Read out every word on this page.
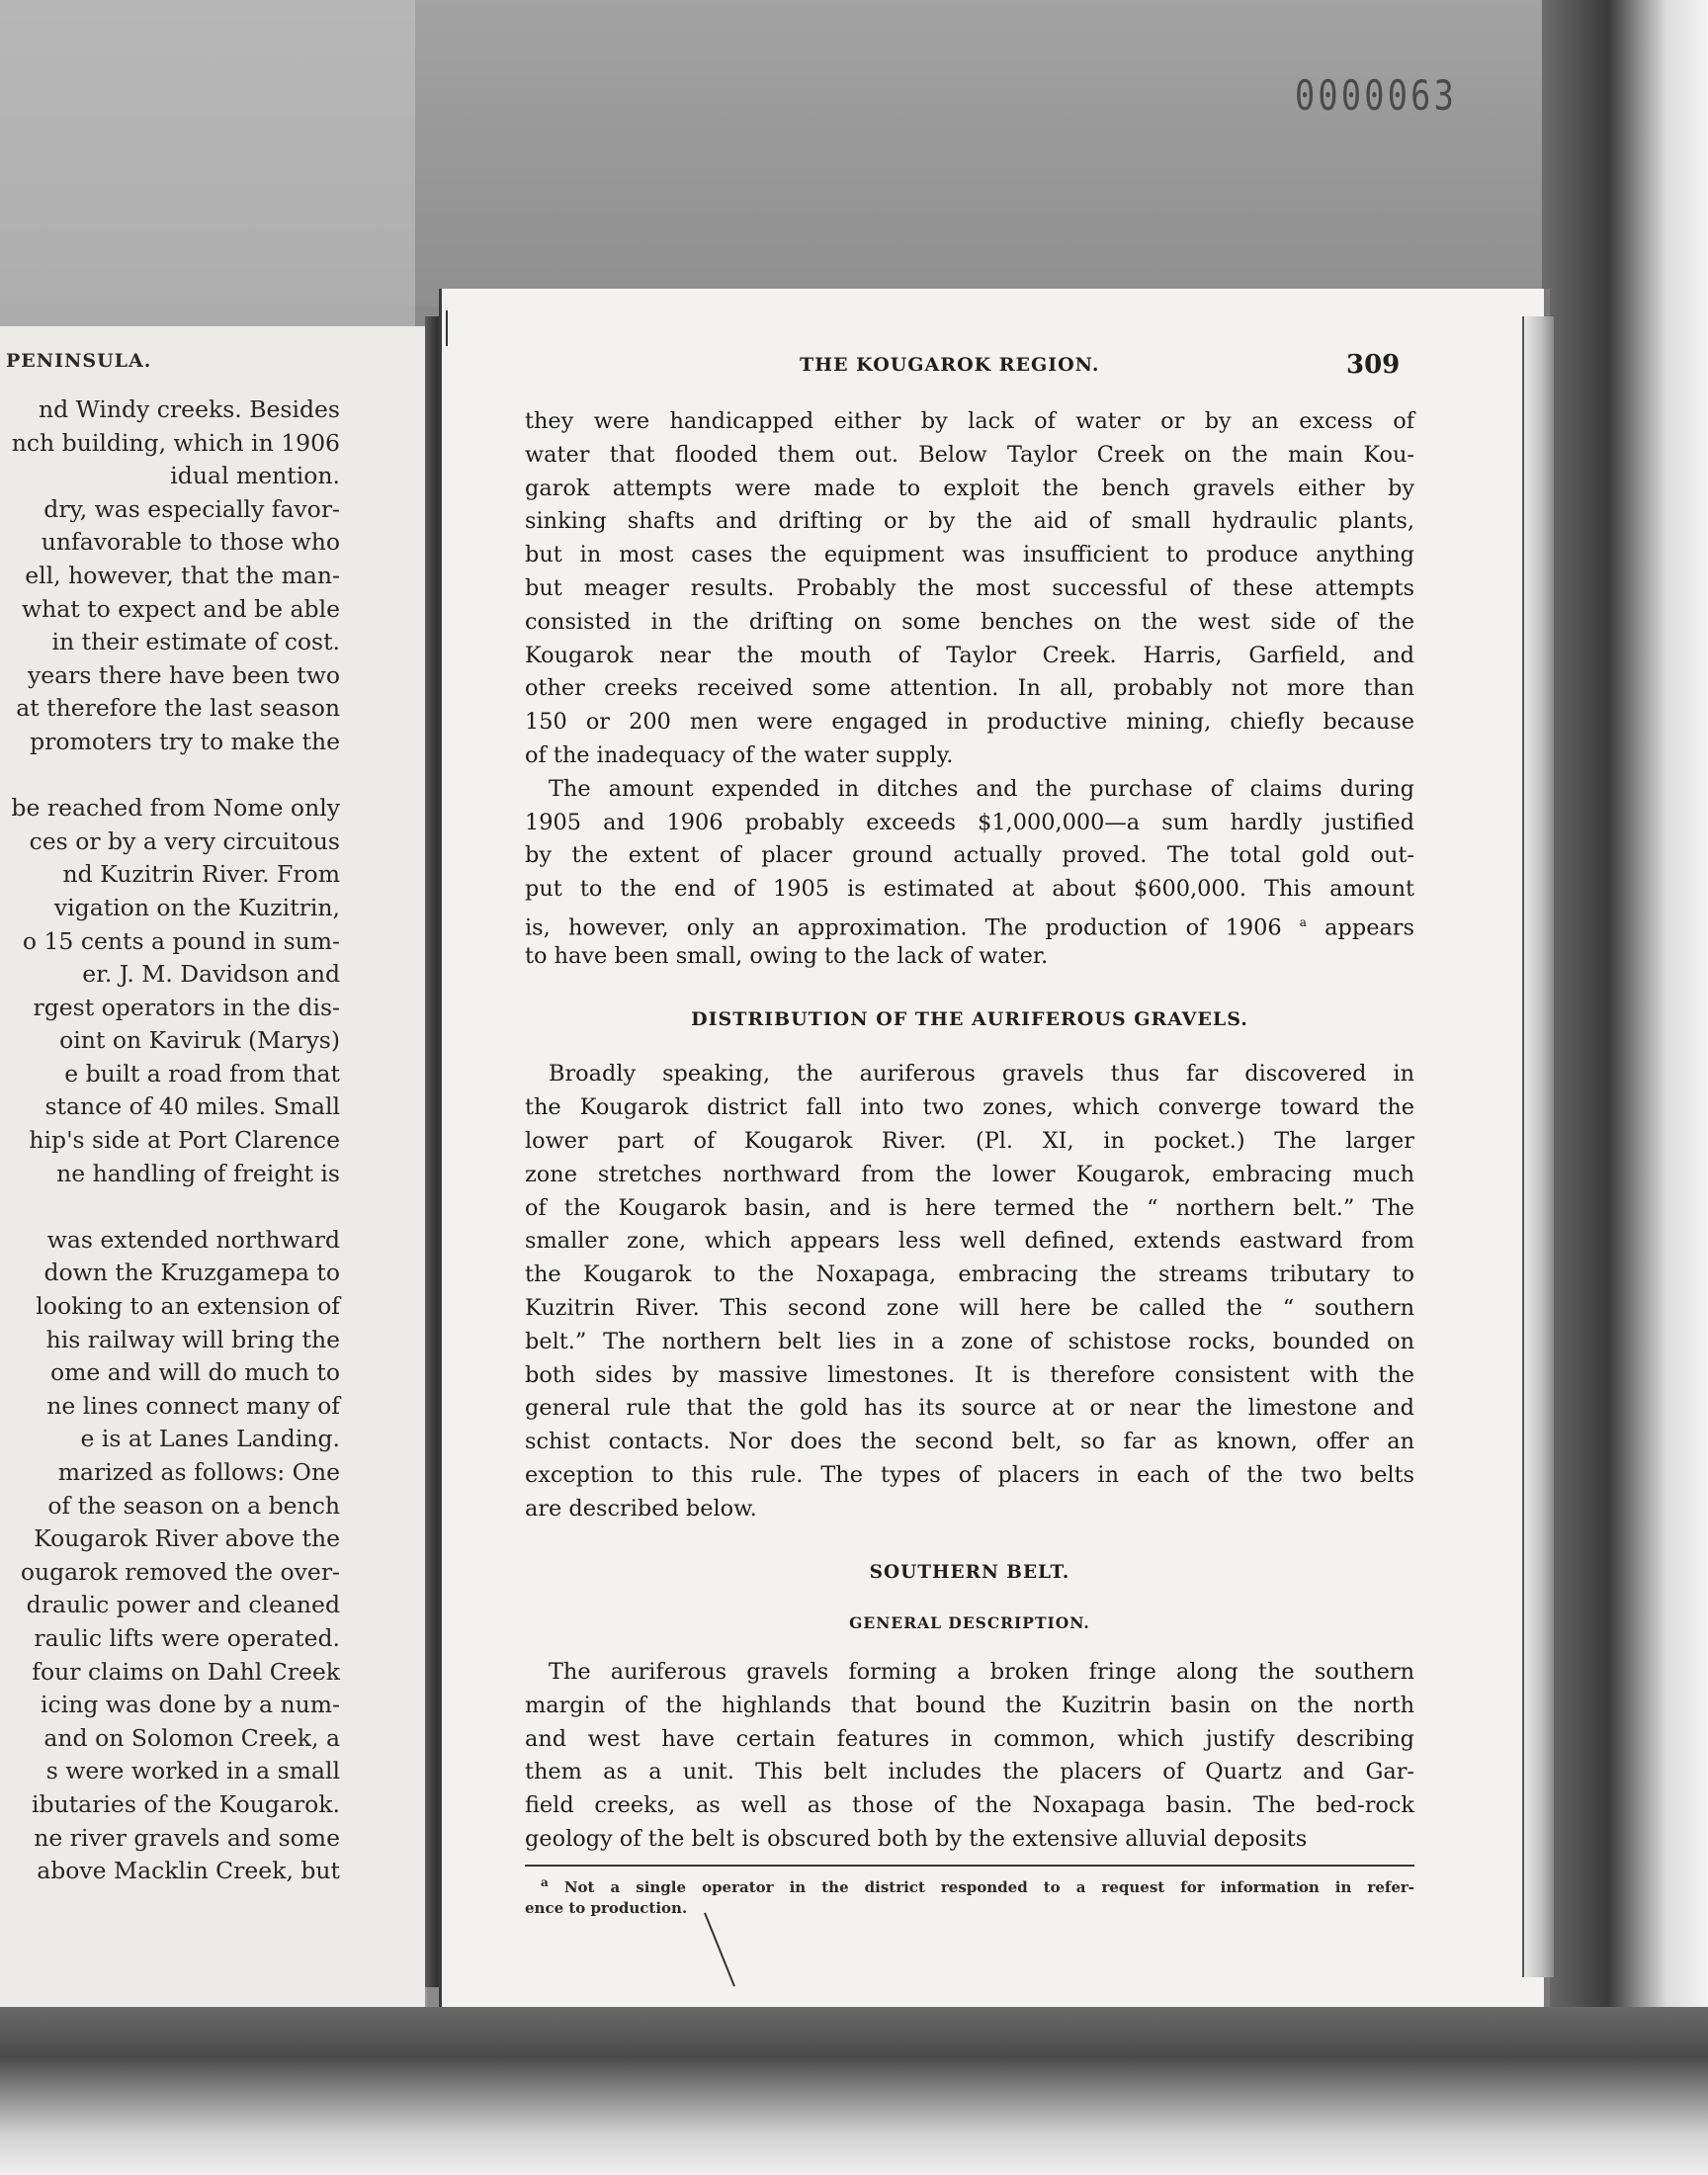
0000063
PENINSULA.
nd Windy creeks. Besides
nch building, which in 1906
idual mention.
dry, was especially favor-
unfavorable to those who
ell, however, that the man-
what to expect and be able
in their estimate of cost.
years there have been two
at therefore the last season
promoters try to make the
be reached from Nome only
ces or by a very circuitous
nd Kuzitrin River. From
vigation on the Kuzitrin,
o 15 cents a pound in sum-
er. J. M. Davidson and
rgest operators in the dis-
oint on Kaviruk (Marys)
e built a road from that
stance of 40 miles. Small
hip's side at Port Clarence
ne handling of freight is
was extended northward
down the Kruzgamepa to
looking to an extension of
his railway will bring the
ome and will do much to
ne lines connect many of
e is at Lanes Landing.
marized as follows: One
of the season on a bench
Kougarok River above the
ougarok removed the over-
draulic power and cleaned
raulic lifts were operated.
four claims on Dahl Creek
icing was done by a num-
and on Solomon Creek, a
s were worked in a small
ibutaries of the Kougarok.
ne river gravels and some
above Macklin Creek, but
THE KOUGAROK REGION.	309
they were handicapped either by lack of water or by an excess of
water that flooded them out. Below Taylor Creek on the main Kou-
garok attempts were made to exploit the bench gravels either by
sinking shafts and drifting or by the aid of small hydraulic plants,
but in most cases the equipment was insufficient to produce anything
but meager results. Probably the most successful of these attempts
consisted in the drifting on some benches on the west side of the
Kougarok near the mouth of Taylor Creek. Harris, Garfield, and
other creeks received some attention. In all, probably not more than
150 or 200 men were engaged in productive mining, chiefly because
of the inadequacy of the water supply.
The amount expended in ditches and the purchase of claims during
1905 and 1906 probably exceeds $1,000,000—a sum hardly justified
by the extent of placer ground actually proved. The total gold out-
put to the end of 1905 is estimated at about $600,000. This amount
is, however, only an approximation. The production of 1906 $^a$ appears
to have been small, owing to the lack of water.
DISTRIBUTION OF THE AURIFEROUS GRAVELS.
Broadly speaking, the auriferous gravels thus far discovered in
the Kougarok district fall into two zones, which converge toward the
lower part of Kougarok River. (Pl. XI, in pocket.) The larger
zone stretches northward from the lower Kougarok, embracing much
of the Kougarok basin, and is here termed the “ northern belt.” The
smaller zone, which appears less well defined, extends eastward from
the Kougarok to the Noxapaga, embracing the streams tributary to
Kuzitrin River. This second zone will here be called the “ southern
belt.” The northern belt lies in a zone of schistose rocks, bounded on
both sides by massive limestones. It is therefore consistent with the
general rule that the gold has its source at or near the limestone and
schist contacts. Nor does the second belt, so far as known, offer an
exception to this rule. The types of placers in each of the two belts
are described below.
SOUTHERN BELT.
GENERAL DESCRIPTION.
The auriferous gravels forming a broken fringe along the southern
margin of the highlands that bound the Kuzitrin basin on the north
and west have certain features in common, which justify describing
them as a unit. This belt includes the placers of Quartz and Gar-
field creeks, as well as those of the Noxapaga basin. The bed-rock
geology of the belt is obscured both by the extensive alluvial deposits
$^a$ Not a single operator in the district responded to a request for information in refer-
ence to production.
